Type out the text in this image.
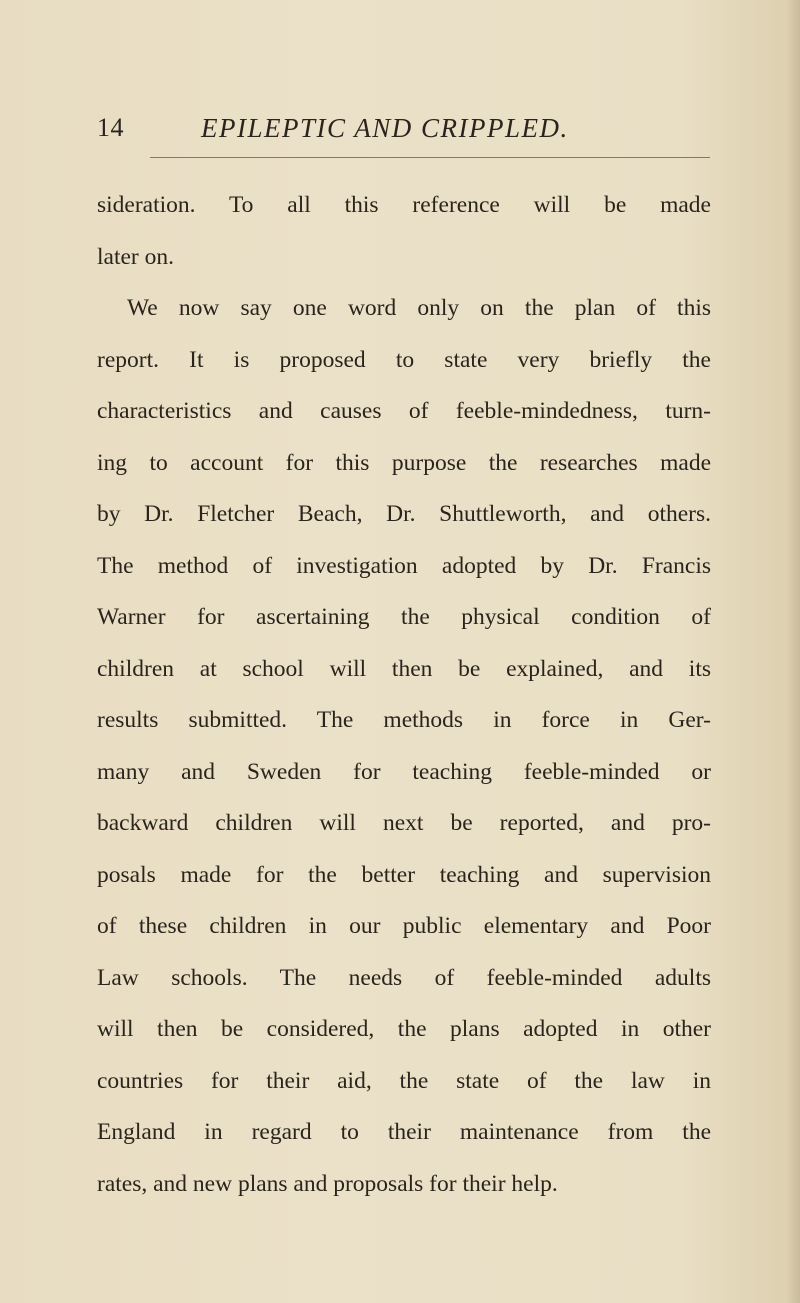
14	EPILEPTIC AND CRIPPLED.
sideration. To all this reference will be made
later on.
We now say one word only on the plan of this
report. It is proposed to state very briefly the
characteristics and causes of feeble-mindedness, turn-
ing to account for this purpose the researches made
by Dr. Fletcher Beach, Dr. Shuttleworth, and others.
The method of investigation adopted by Dr. Francis
Warner for ascertaining the physical condition of
children at school will then be explained, and its
results submitted. The methods in force in Ger-
many and Sweden for teaching feeble-minded or
backward children will next be reported, and pro-
posals made for the better teaching and supervision
of these children in our public elementary and Poor
Law schools. The needs of feeble-minded adults
will then be considered, the plans adopted in other
countries for their aid, the state of the law in
England in regard to their maintenance from the
rates, and new plans and proposals for their help.
